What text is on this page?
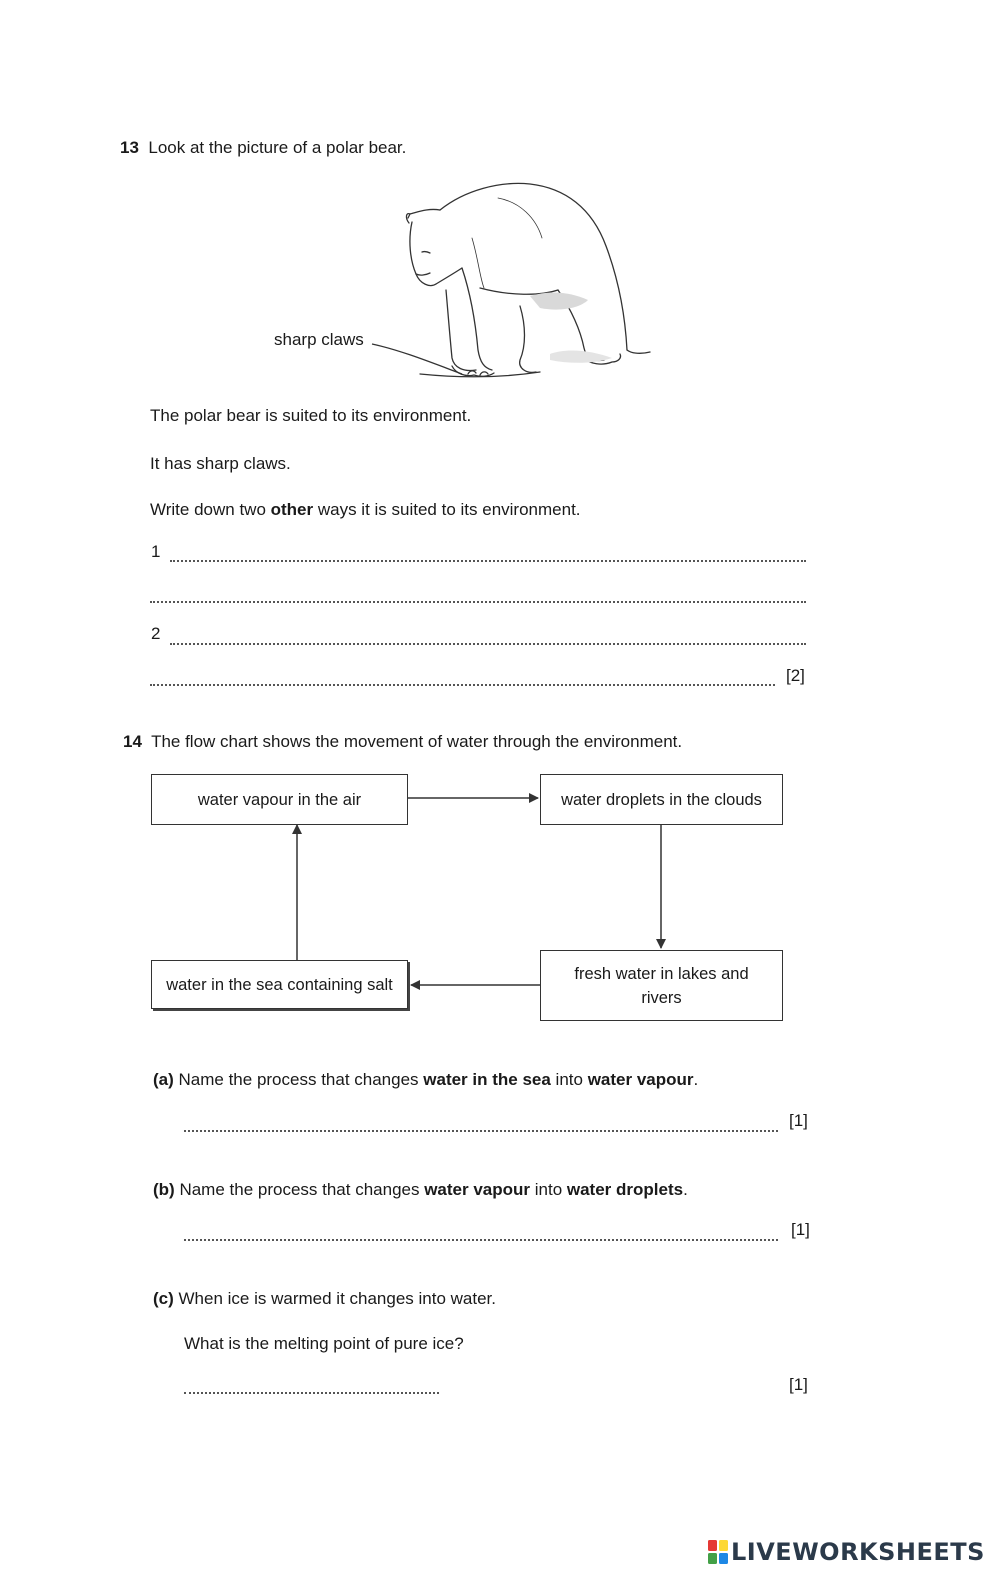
13 Look at the picture of a polar bear.
sharp claws
The polar bear is suited to its environment.
It has sharp claws.
Write down two other ways it is suited to its environment.
1
2
[2]
14 The flow chart shows the movement of water through the environment.
water vapour in the air	water droplets in the clouds
fresh water in lakes and rivers
water in the sea containing salt
(a) Name the process that changes water in the sea into water vapour.
[1]
(b) Name the process that changes water vapour into water droplets.
[1]
(c) When ice is warmed it changes into water.
What is the melting point of pure ice?
[1]
LIVEWORKSHEETS
